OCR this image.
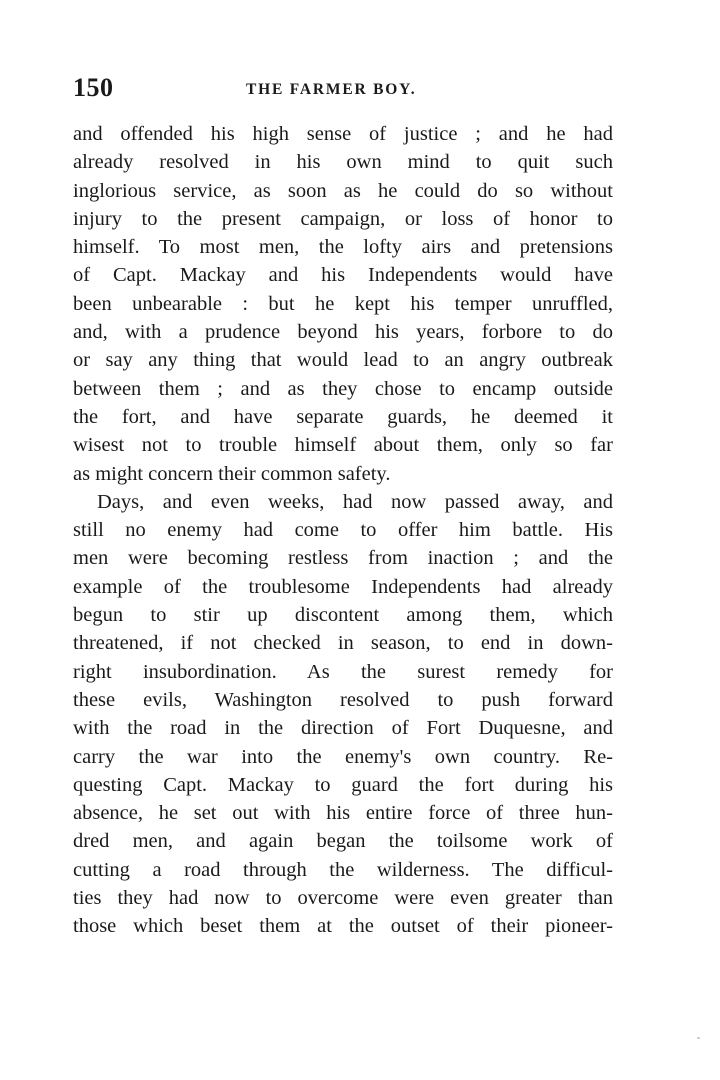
150	THE FARMER BOY.
and offended his high sense of justice ; and he had
already resolved in his own mind to quit such
inglorious service, as soon as he could do so without
injury to the present campaign, or loss of honor to
himself. To most men, the lofty airs and pretensions
of Capt. Mackay and his Independents would have
been unbearable : but he kept his temper unruffled,
and, with a prudence beyond his years, forbore to do
or say any thing that would lead to an angry outbreak
between them ; and as they chose to encamp outside
the fort, and have separate guards, he deemed it
wisest not to trouble himself about them, only so far
as might concern their common safety.
Days, and even weeks, had now passed away, and
still no enemy had come to offer him battle. His
men were becoming restless from inaction ; and the
example of the troublesome Independents had already
begun to stir up discontent among them, which
threatened, if not checked in season, to end in down-
right insubordination. As the surest remedy for
these evils, Washington resolved to push forward
with the road in the direction of Fort Duquesne, and
carry the war into the enemy's own country. Re-
questing Capt. Mackay to guard the fort during his
absence, he set out with his entire force of three hun-
dred men, and again began the toilsome work of
cutting a road through the wilderness. The difficul-
ties they had now to overcome were even greater than
those which beset them at the outset of their pioneer-
